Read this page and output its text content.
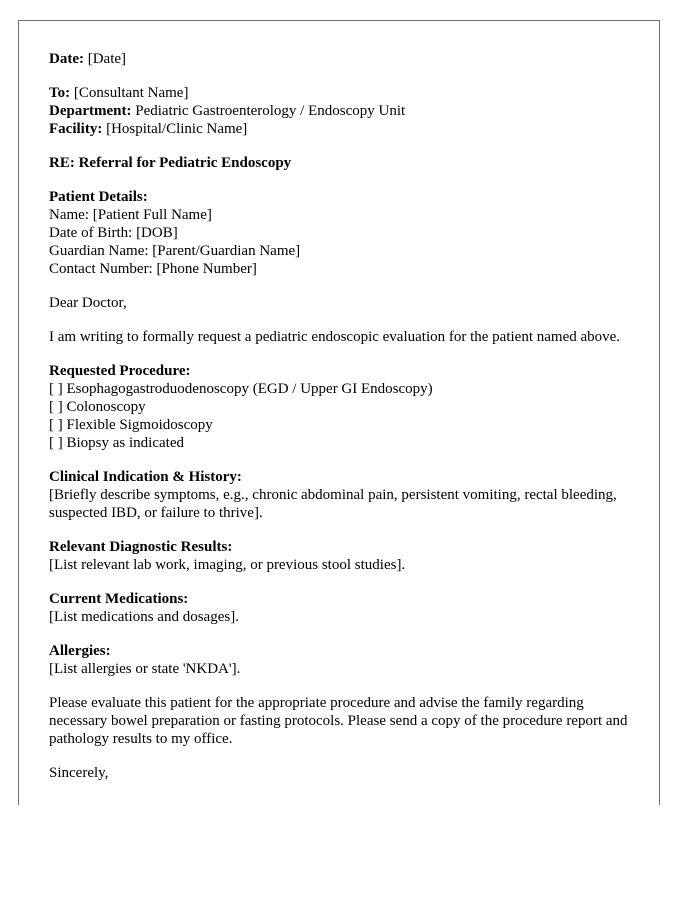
Date: [Date]
To: [Consultant Name]
Department: Pediatric Gastroenterology / Endoscopy Unit
Facility: [Hospital/Clinic Name]
RE: Referral for Pediatric Endoscopy
Patient Details:
Name: [Patient Full Name]
Date of Birth: [DOB]
Guardian Name: [Parent/Guardian Name]
Contact Number: [Phone Number]
Dear Doctor,
I am writing to formally request a pediatric endoscopic evaluation for the patient named above.
Requested Procedure:
[ ] Esophagogastroduodenoscopy (EGD / Upper GI Endoscopy)
[ ] Colonoscopy
[ ] Flexible Sigmoidoscopy
[ ] Biopsy as indicated
Clinical Indication & History:
[Briefly describe symptoms, e.g., chronic abdominal pain, persistent vomiting, rectal bleeding, suspected IBD, or failure to thrive].
Relevant Diagnostic Results:
[List relevant lab work, imaging, or previous stool studies].
Current Medications:
[List medications and dosages].
Allergies:
[List allergies or state 'NKDA'].
Please evaluate this patient for the appropriate procedure and advise the family regarding necessary bowel preparation or fasting protocols. Please send a copy of the procedure report and pathology results to my office.
Sincerely,
